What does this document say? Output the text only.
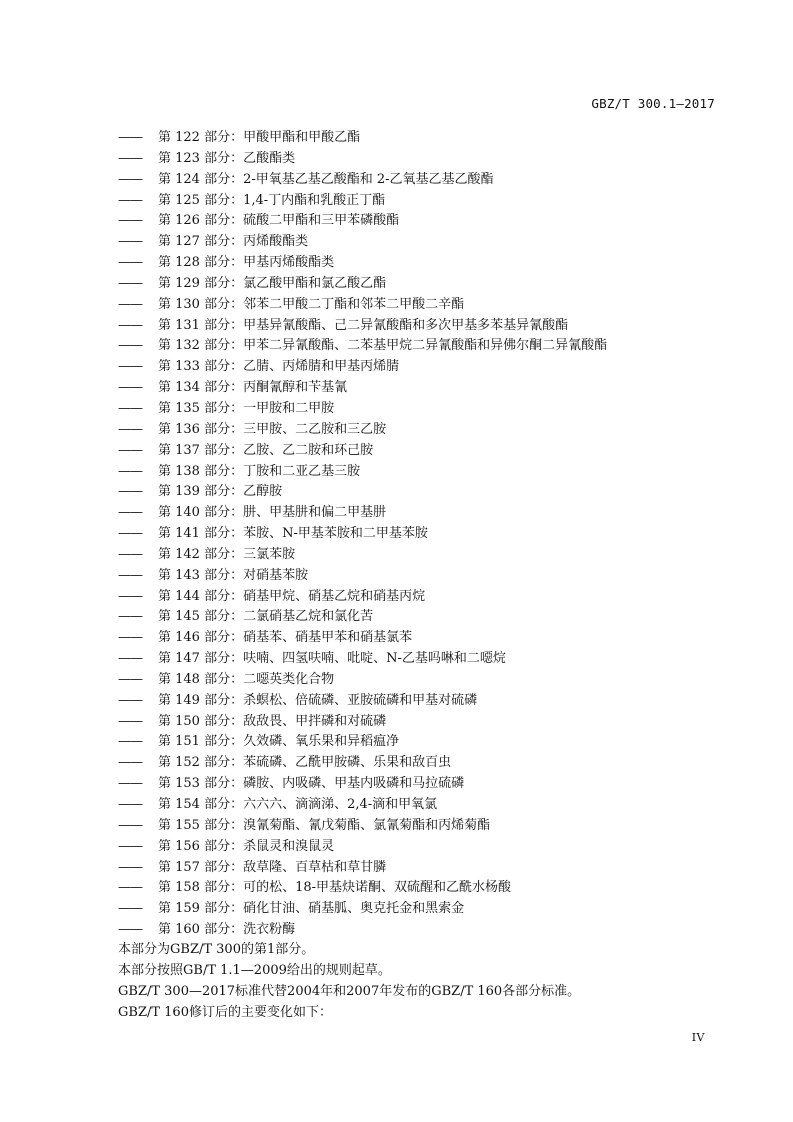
GBZ/T 300.1—2017
—— 第 122 部分：甲酸甲酯和甲酸乙酯
—— 第 123 部分：乙酸酯类
—— 第 124 部分：2-甲氧基乙基乙酸酯和 2-乙氧基乙基乙酸酯
—— 第 125 部分：1,4-丁内酯和乳酸正丁酯
—— 第 126 部分：硫酸二甲酯和三甲苯磷酸酯
—— 第 127 部分：丙烯酸酯类
—— 第 128 部分：甲基丙烯酸酯类
—— 第 129 部分：氯乙酸甲酯和氯乙酸乙酯
—— 第 130 部分：邻苯二甲酸二丁酯和邻苯二甲酸二辛酯
—— 第 131 部分：甲基异氰酸酯、己二异氰酸酯和多次甲基多苯基异氰酸酯
—— 第 132 部分：甲苯二异氰酸酯、二苯基甲烷二异氰酸酯和异佛尔酮二异氰酸酯
—— 第 133 部分：乙腈、丙烯腈和甲基丙烯腈
—— 第 134 部分：丙酮氰醇和苄基氰
—— 第 135 部分：一甲胺和二甲胺
—— 第 136 部分：三甲胺、二乙胺和三乙胺
—— 第 137 部分：乙胺、乙二胺和环己胺
—— 第 138 部分：丁胺和二亚乙基三胺
—— 第 139 部分：乙醇胺
—— 第 140 部分：肼、甲基肼和偏二甲基肼
—— 第 141 部分：苯胺、N-甲基苯胺和二甲基苯胺
—— 第 142 部分：三氯苯胺
—— 第 143 部分：对硝基苯胺
—— 第 144 部分：硝基甲烷、硝基乙烷和硝基丙烷
—— 第 145 部分：二氯硝基乙烷和氯化苦
—— 第 146 部分：硝基苯、硝基甲苯和硝基氯苯
—— 第 147 部分：呋喃、四氢呋喃、吡啶、N-乙基吗啉和二噁烷
—— 第 148 部分：二噁英类化合物
—— 第 149 部分：杀螟松、倍硫磷、亚胺硫磷和甲基对硫磷
—— 第 150 部分：敌敌畏、甲拌磷和对硫磷
—— 第 151 部分：久效磷、氧乐果和异稻瘟净
—— 第 152 部分：苯硫磷、乙酰甲胺磷、乐果和敌百虫
—— 第 153 部分：磷胺、内吸磷、甲基内吸磷和马拉硫磷
—— 第 154 部分：六六六、滴滴涕、2,4-滴和甲氧氯
—— 第 155 部分：溴氰菊酯、氰戊菊酯、氯氰菊酯和丙烯菊酯
—— 第 156 部分：杀鼠灵和溴鼠灵
—— 第 157 部分：敌草隆、百草枯和草甘膦
—— 第 158 部分：可的松、18-甲基炔诺酮、双硫醒和乙酰水杨酸
—— 第 159 部分：硝化甘油、硝基胍、奥克托金和黑索金
—— 第 160 部分：洗衣粉酶

本部分为GBZ/T 300的第1部分。

本部分按照GB/T 1.1—2009给出的规则起草。

GBZ/T 300—2017标准代替2004年和2007年发布的GBZ/T 160各部分标准。

GBZ/T 160修订后的主要变化如下：

IV
